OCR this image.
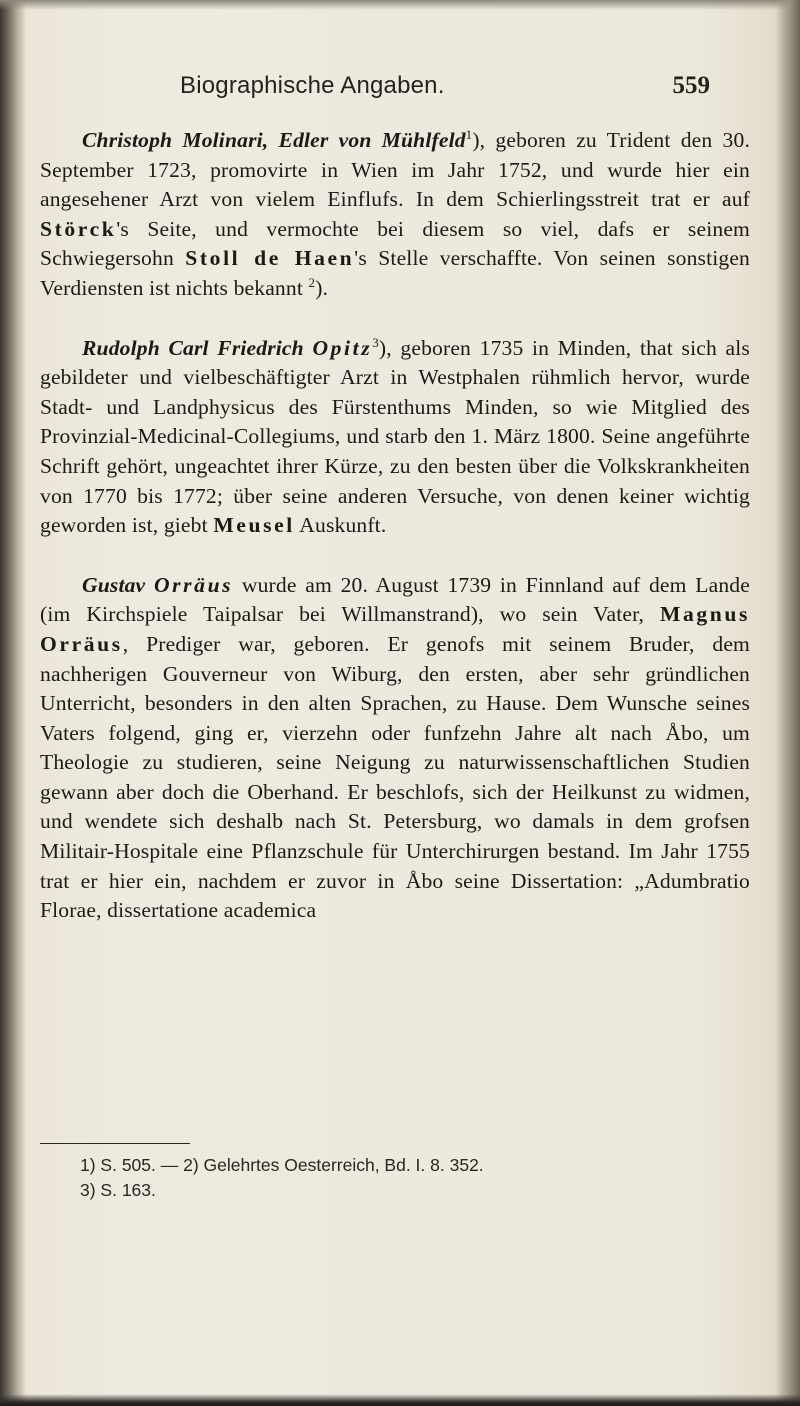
Biographische Angaben.	559

Christoph Molinari, Edler von Mühlfeld$^1$), geboren zu Trident den 30. September 1723, promovirte in Wien im Jahr 1752, und wurde hier ein angesehener Arzt von vielem Einflufs. In dem Schierlingsstreit trat er auf Störck's Seite, und vermochte bei diesem so viel, dafs er seinem Schwiegersohn Stoll de Haen's Stelle verschaffte. Von seinen sonstigen Verdiensten ist nichts bekannt $^2$).

Rudolph Carl Friedrich Opitz$^3$), geboren 1735 in Minden, that sich als gebildeter und vielbeschäftigter Arzt in Westphalen rühmlich hervor, wurde Stadt- und Landphysicus des Fürstenthums Minden, so wie Mitglied des Provinzial-Medicinal-Collegiums, und starb den 1. März 1800. Seine angeführte Schrift gehört, ungeachtet ihrer Kürze, zu den besten über die Volkskrankheiten von 1770 bis 1772; über seine anderen Versuche, von denen keiner wichtig geworden ist, giebt Meusel Auskunft.

Gustav Orräus wurde am 20. August 1739 in Finnland auf dem Lande (im Kirchspiele Taipalsar bei Willmanstrand), wo sein Vater, Magnus Orräus, Prediger war, geboren. Er genofs mit seinem Bruder, dem nachherigen Gouverneur von Wiburg, den ersten, aber sehr gründlichen Unterricht, besonders in den alten Sprachen, zu Hause. Dem Wunsche seines Vaters folgend, ging er, vierzehn oder funfzehn Jahre alt nach Åbo, um Theologie zu studieren, seine Neigung zu naturwissenschaftlichen Studien gewann aber doch die Oberhand. Er beschlofs, sich der Heilkunst zu widmen, und wendete sich deshalb nach St. Petersburg, wo damals in dem grofsen Militair-Hospitale eine Pflanzschule für Unterchirurgen bestand. Im Jahr 1755 trat er hier ein, nachdem er zuvor in Åbo seine Dissertation: „Adumbratio Florae, dissertatione academica

1) S. 505. — 2) Gelehrtes Oesterreich, Bd. I. 8. 352.

3) S. 163.
